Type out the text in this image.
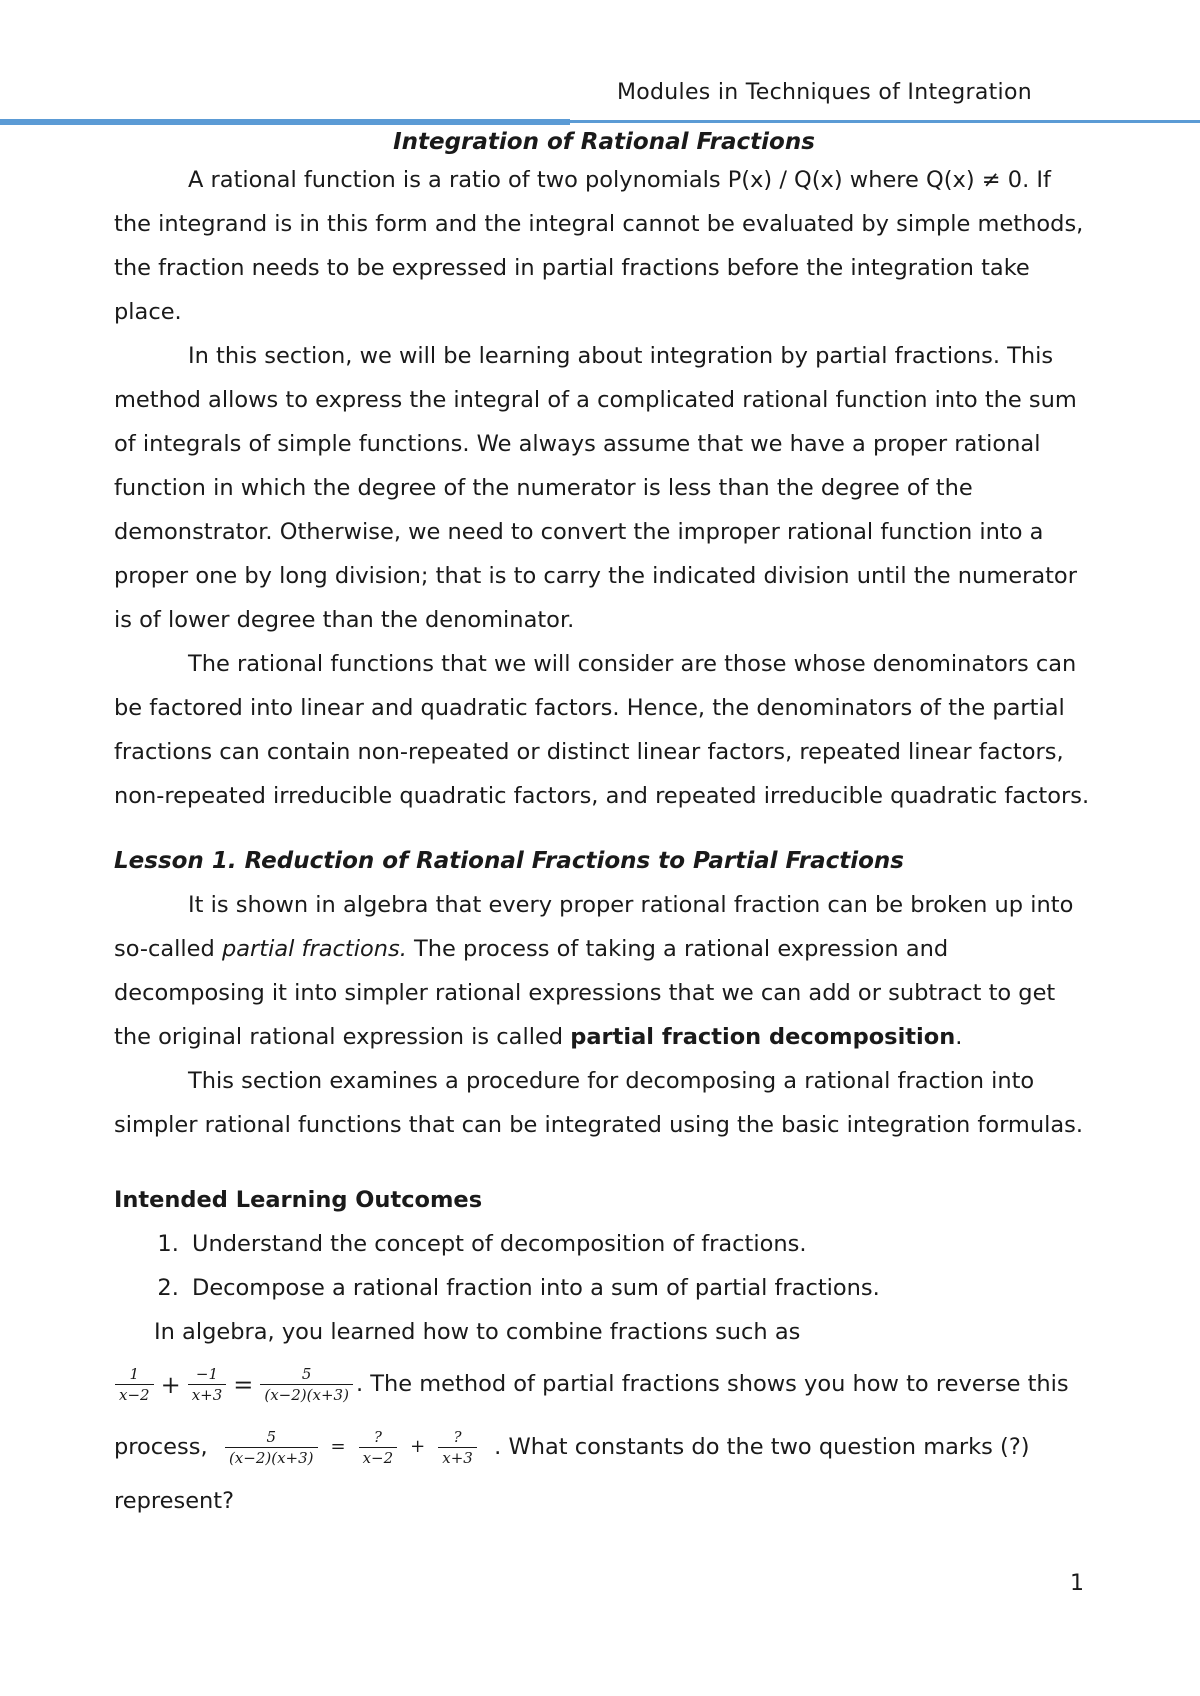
Modules in Techniques of Integration
Integration of Rational Fractions

A rational function is a ratio of two polynomials P(x) / Q(x) where Q(x) ≠ 0. If the integrand is in this form and the integral cannot be evaluated by simple methods, the fraction needs to be expressed in partial fractions before the integration take place.

In this section, we will be learning about integration by partial fractions. This method allows to express the integral of a complicated rational function into the sum of integrals of simple functions. We always assume that we have a proper rational function in which the degree of the numerator is less than the degree of the demonstrator. Otherwise, we need to convert the improper rational function into a proper one by long division; that is to carry the indicated division until the numerator is of lower degree than the denominator.

The rational functions that we will consider are those whose denominators can be factored into linear and quadratic factors. Hence, the denominators of the partial fractions can contain non-repeated or distinct linear factors, repeated linear factors, non-repeated irreducible quadratic factors, and repeated irreducible quadratic factors.

Lesson 1. Reduction of Rational Fractions to Partial Fractions

It is shown in algebra that every proper rational fraction can be broken up into so-called partial fractions. The process of taking a rational expression and decomposing it into simpler rational expressions that we can add or subtract to get the original rational expression is called partial fraction decomposition.

This section examines a procedure for decomposing a rational fraction into simpler rational functions that can be integrated using the basic integration formulas.

Intended Learning Outcomes
1. Understand the concept of decomposition of fractions.
2. Decompose a rational fraction into a sum of partial fractions.

In algebra, you learned how to combine fractions such as

$\frac{1}{x-2} + \frac{-1}{x+3} = \frac{5}{(x-2)(x+3)}$ . The method of partial fractions shows you how to reverse this

process, $\frac{5}{(x-2)(x+3)} = \frac{?}{x-2} + \frac{?}{x+3}$ . What constants do the two question marks (?)

represent?

1
